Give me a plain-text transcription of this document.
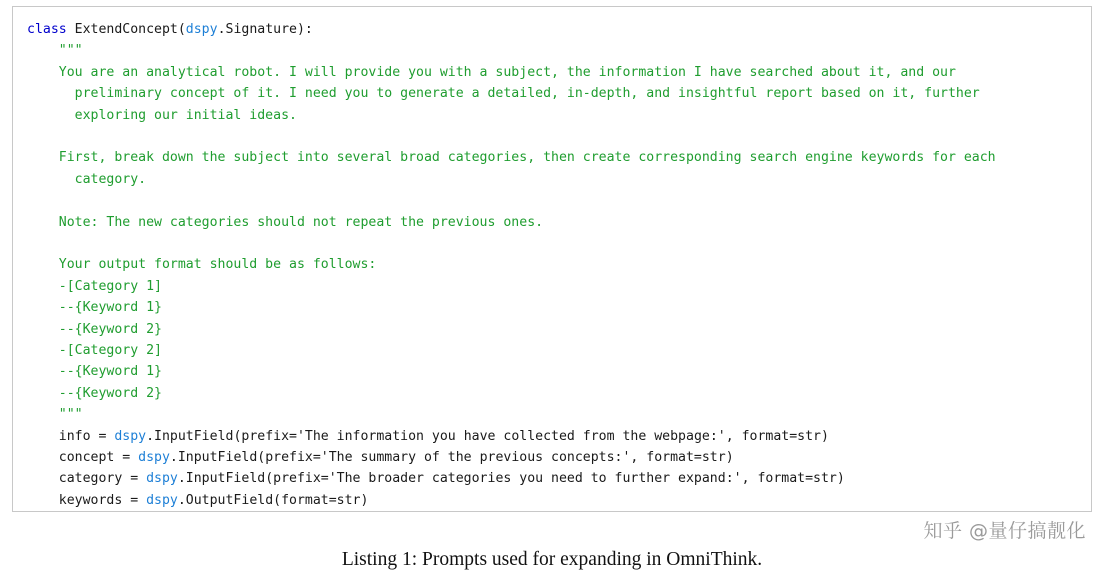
class ExtendConcept(dspy.Signature):
"""
You are an analytical robot. I will provide you with a subject, the information I have searched about it, and our
preliminary concept of it. I need you to generate a detailed, in-depth, and insightful report based on it, further
exploring our initial ideas.
First, break down the subject into several broad categories, then create corresponding search engine keywords for each
category.
Note: The new categories should not repeat the previous ones.
Your output format should be as follows:
-[Category 1]
--{Keyword 1}
--{Keyword 2}
-[Category 2]
--{Keyword 1}
--{Keyword 2}
"""
info = dspy.InputField(prefix='The information you have collected from the webpage:', format=str)
concept = dspy.InputField(prefix='The summary of the previous concepts:', format=str)
category = dspy.InputField(prefix='The broader categories you need to further expand:', format=str)
keywords = dspy.OutputField(format=str)
知乎 @量仔搞靓化
Listing 1: Prompts used for expanding in OmniThink.
